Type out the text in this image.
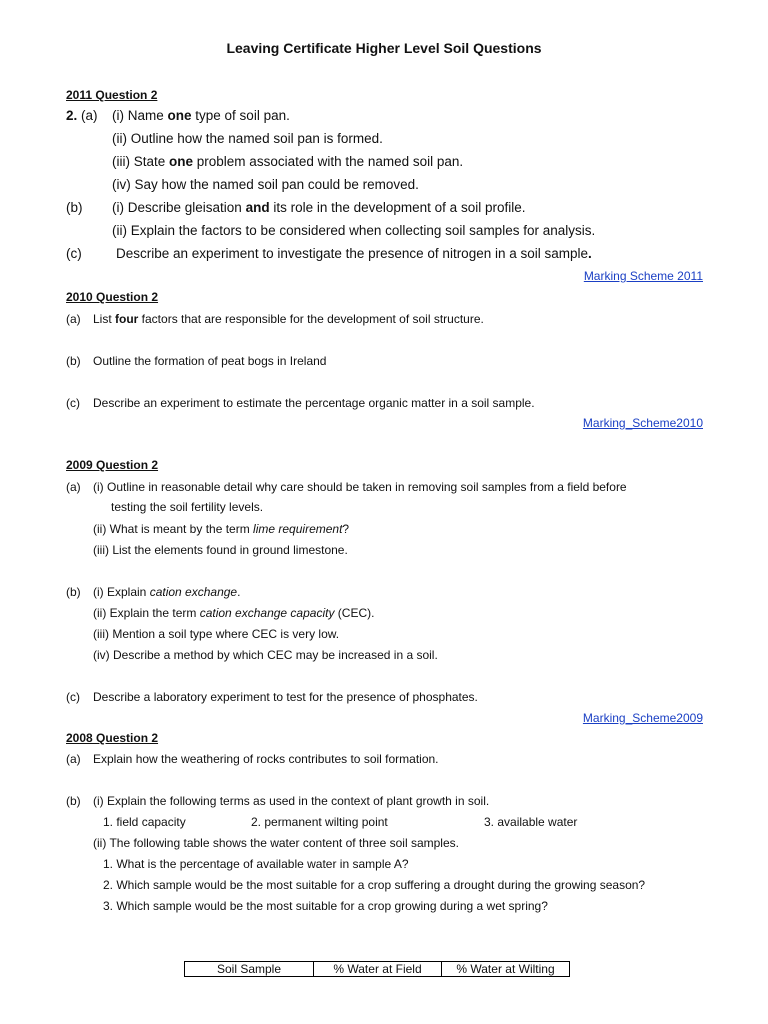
Leaving Certificate Higher Level Soil Questions
2011 Question 2
2. (a) (i) Name one type of soil pan.
(ii) Outline how the named soil pan is formed.
(iii) State one problem associated with the named soil pan.
(iv) Say how the named soil pan could be removed.
(b) (i) Describe gleisation and its role in the development of a soil profile.
(ii) Explain the factors to be considered when collecting soil samples for analysis.
(c)	Describe an experiment to investigate the presence of nitrogen in a soil sample.
Marking Scheme 2011
2010 Question 2
(a) List four factors that are responsible for the development of soil structure.
(b) Outline the formation of peat bogs in Ireland
(c) Describe an experiment to estimate the percentage organic matter in a soil sample.
Marking_Scheme2010
2009 Question 2
(a) (i) Outline in reasonable detail why care should be taken in removing soil samples from a field before
testing the soil fertility levels.
(ii) What is meant by the term lime requirement?
(iii) List the elements found in ground limestone.
(b) (i) Explain cation exchange.
(ii) Explain the term cation exchange capacity (CEC).
(iii) Mention a soil type where CEC is very low.
(iv) Describe a method by which CEC may be increased in a soil.
(c) Describe a laboratory experiment to test for the presence of phosphates.
Marking_Scheme2009
2008 Question 2
(a) Explain how the weathering of rocks contributes to soil formation.
(b) (i) Explain the following terms as used in the context of plant growth in soil.
1. field capacity	2. permanent wilting point	3. available water
(ii) The following table shows the water content of three soil samples.
1. What is the percentage of available water in sample A?
2. Which sample would be the most suitable for a crop suffering a drought during the growing season?
3. Which sample would be the most suitable for a crop growing during a wet spring?
Soil Sample	% Water at Field	% Water at Wilting
